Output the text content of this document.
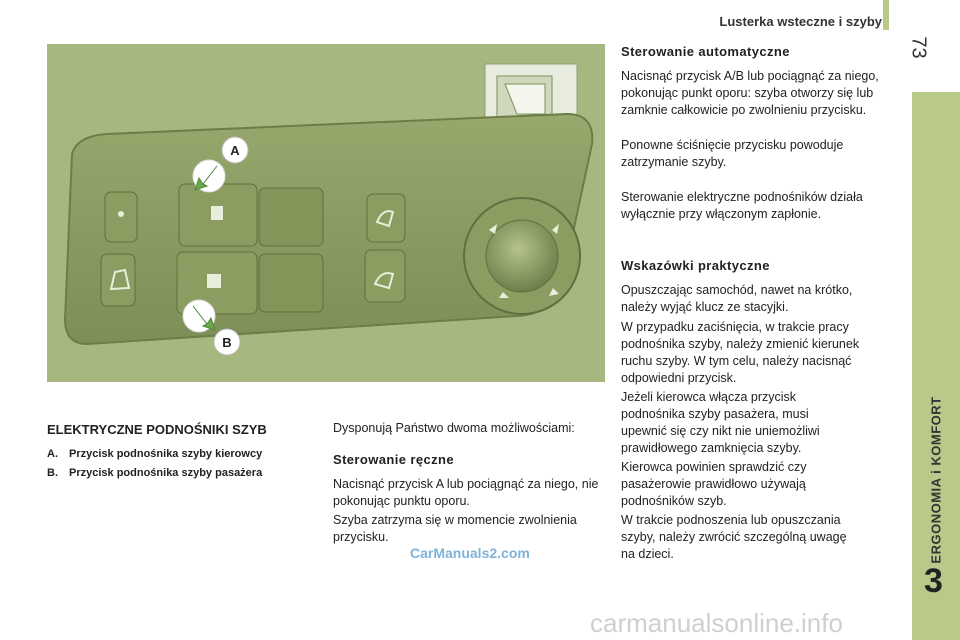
Lusterka wsteczne i szyby
73
ERGONOMIA i KOMFORT
3
A
B
ELEKTRYCZNE PODNOŚNIKI SZYB
A. Przycisk podnośnika szyby kierowcy
B. Przycisk podnośnika szyby pasażera
Dysponują Państwo dwoma możliwościami:
Sterowanie ręczne
Nacisnąć przycisk A lub pociągnąć za niego, nie pokonując punktu oporu.
Szyba zatrzyma się w momencie zwolnienia przycisku.
Sterowanie automatyczne
Nacisnąć przycisk A/B lub pociągnąć za niego, pokonując punkt oporu: szyba otworzy się lub zamknie całkowicie po zwolnieniu przycisku.
Ponowne ściśnięcie przycisku powoduje zatrzymanie szyby.
Sterowanie elektryczne podnośników działa wyłącznie przy włączonym zapłonie.
Wskazówki praktyczne
Opuszczając samochód, nawet na krótko, należy wyjąć klucz ze stacyjki.
W przypadku zaciśnięcia, w trakcie pracy podnośnika szyby, należy zmienić kierunek ruchu szyby. W tym celu, należy nacisnąć odpowiedni przycisk.
Jeżeli kierowca włącza przycisk podnośnika szyby pasażera, musi upewnić się czy nikt nie uniemożliwi prawidłowego zamknięcia szyby.
Kierowca powinien sprawdzić czy pasażerowie prawidłowo używają podnośników szyb.
W trakcie podnoszenia lub opuszczania szyby, należy zwrócić szczególną uwagę na dzieci.
CarManuals2.com
carmanualsonline.info
